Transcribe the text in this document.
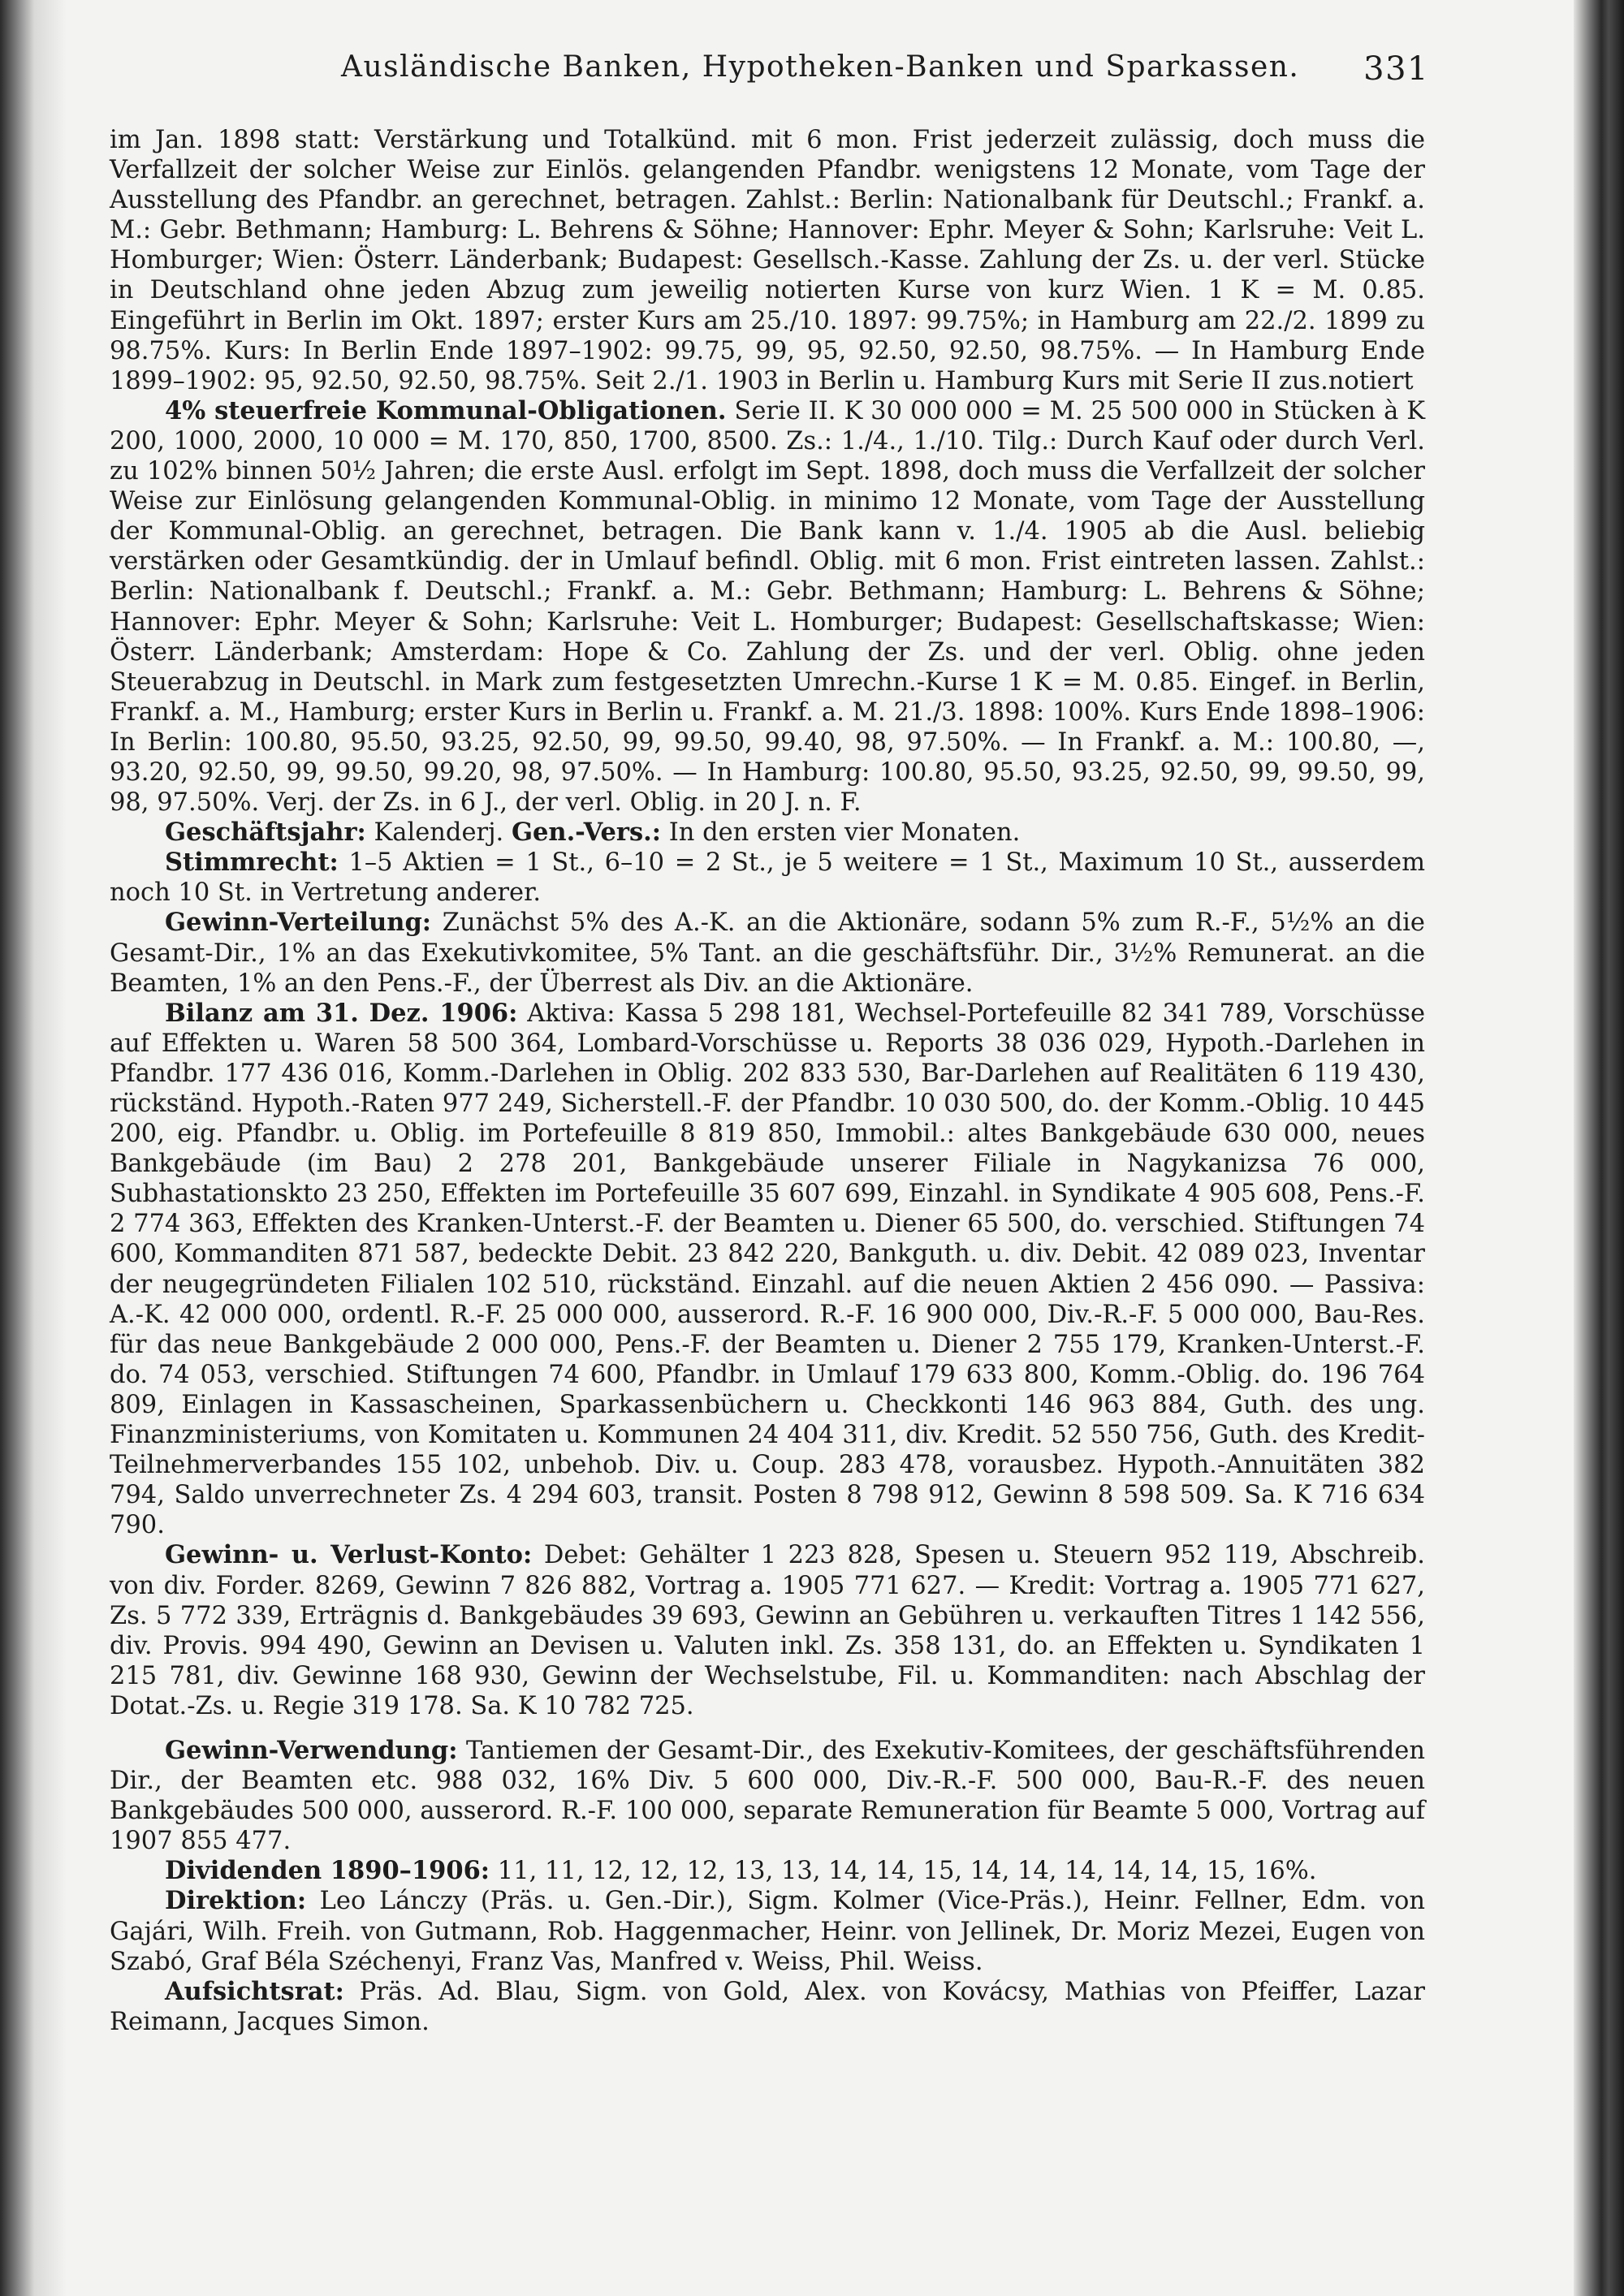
Ausländische Banken, Hypotheken-Banken und Sparkassen. 331

im Jan. 1898 statt: Verstärkung und Totalkünd. mit 6 mon. Frist jederzeit zulässig, doch muss die Verfallzeit der solcher Weise zur Einlös. gelangenden Pfandbr. wenigstens 12 Monate, vom Tage der Ausstellung des Pfandbr. an gerechnet, betragen. Zahlst.: Berlin: Nationalbank für Deutschl.; Frankf. a. M.: Gebr. Bethmann; Hamburg: L. Behrens & Söhne; Hannover: Ephr. Meyer & Sohn; Karlsruhe: Veit L. Homburger; Wien: Österr. Länderbank; Budapest: Gesellsch.-Kasse. Zahlung der Zs. u. der verl. Stücke in Deutschland ohne jeden Abzug zum jeweilig notierten Kurse von kurz Wien. 1 K = M. 0.85. Eingeführt in Berlin im Okt. 1897; erster Kurs am 25./10. 1897: 99.75%; in Hamburg am 22./2. 1899 zu 98.75%. Kurs: In Berlin Ende 1897–1902: 99.75, 99, 95, 92.50, 92.50, 98.75%. — In Hamburg Ende 1899–1902: 95, 92.50, 92.50, 98.75%. Seit 2./1. 1903 in Berlin u. Hamburg Kurs mit Serie II zus.notiert

4% steuerfreie Kommunal-Obligationen. Serie II. K 30 000 000 = M. 25 500 000 in Stücken à K 200, 1000, 2000, 10 000 = M. 170, 850, 1700, 8500. Zs.: 1./4., 1./10. Tilg.: Durch Kauf oder durch Verl. zu 102% binnen 50½ Jahren; die erste Ausl. erfolgt im Sept. 1898, doch muss die Verfallzeit der solcher Weise zur Einlösung gelangenden Kommunal-Oblig. in minimo 12 Monate, vom Tage der Ausstellung der Kommunal-Oblig. an gerechnet, betragen. Die Bank kann v. 1./4. 1905 ab die Ausl. beliebig verstärken oder Gesamtkündig. der in Umlauf befindl. Oblig. mit 6 mon. Frist eintreten lassen. Zahlst.: Berlin: Nationalbank f. Deutschl.; Frankf. a. M.: Gebr. Bethmann; Hamburg: L. Behrens & Söhne; Hannover: Ephr. Meyer & Sohn; Karlsruhe: Veit L. Homburger; Budapest: Gesellschaftskasse; Wien: Österr. Länderbank; Amsterdam: Hope & Co. Zahlung der Zs. und der verl. Oblig. ohne jeden Steuerabzug in Deutschl. in Mark zum festgesetzten Umrechn.-Kurse 1 K = M. 0.85. Eingef. in Berlin, Frankf. a. M., Hamburg; erster Kurs in Berlin u. Frankf. a. M. 21./3. 1898: 100%. Kurs Ende 1898–1906: In Berlin: 100.80, 95.50, 93.25, 92.50, 99, 99.50, 99.40, 98, 97.50%. — In Frankf. a. M.: 100.80, —, 93.20, 92.50, 99, 99.50, 99.20, 98, 97.50%. — In Hamburg: 100.80, 95.50, 93.25, 92.50, 99, 99.50, 99, 98, 97.50%. Verj. der Zs. in 6 J., der verl. Oblig. in 20 J. n. F.

Geschäftsjahr: Kalenderj. Gen.-Vers.: In den ersten vier Monaten.

Stimmrecht: 1–5 Aktien = 1 St., 6–10 = 2 St., je 5 weitere = 1 St., Maximum 10 St., ausserdem noch 10 St. in Vertretung anderer.

Gewinn-Verteilung: Zunächst 5% des A.-K. an die Aktionäre, sodann 5% zum R.-F., 5½% an die Gesamt-Dir., 1% an das Exekutivkomitee, 5% Tant. an die geschäftsführ. Dir., 3½% Remunerat. an die Beamten, 1% an den Pens.-F., der Überrest als Div. an die Aktionäre.

Bilanz am 31. Dez. 1906: Aktiva: Kassa 5 298 181, Wechsel-Portefeuille 82 341 789, Vorschüsse auf Effekten u. Waren 58 500 364, Lombard-Vorschüsse u. Reports 38 036 029, Hypoth.-Darlehen in Pfandbr. 177 436 016, Komm.-Darlehen in Oblig. 202 833 530, Bar-Darlehen auf Realitäten 6 119 430, rückständ. Hypoth.-Raten 977 249, Sicherstell.-F. der Pfandbr. 10 030 500, do. der Komm.-Oblig. 10 445 200, eig. Pfandbr. u. Oblig. im Portefeuille 8 819 850, Immobil.: altes Bankgebäude 630 000, neues Bankgebäude (im Bau) 2 278 201, Bankgebäude unserer Filiale in Nagykanizsa 76 000, Subhastationskto 23 250, Effekten im Portefeuille 35 607 699, Einzahl. in Syndikate 4 905 608, Pens.-F. 2 774 363, Effekten des Kranken-Unterst.-F. der Beamten u. Diener 65 500, do. verschied. Stiftungen 74 600, Kommanditen 871 587, bedeckte Debit. 23 842 220, Bankguth. u. div. Debit. 42 089 023, Inventar der neugegründeten Filialen 102 510, rückständ. Einzahl. auf die neuen Aktien 2 456 090. — Passiva: A.-K. 42 000 000, ordentl. R.-F. 25 000 000, ausserord. R.-F. 16 900 000, Div.-R.-F. 5 000 000, Bau-Res. für das neue Bankgebäude 2 000 000, Pens.-F. der Beamten u. Diener 2 755 179, Kranken-Unterst.-F. do. 74 053, verschied. Stiftungen 74 600, Pfandbr. in Umlauf 179 633 800, Komm.-Oblig. do. 196 764 809, Einlagen in Kassascheinen, Sparkassenbüchern u. Checkkonti 146 963 884, Guth. des ung. Finanzministeriums, von Komitaten u. Kommunen 24 404 311, div. Kredit. 52 550 756, Guth. des Kredit-Teilnehmerverbandes 155 102, unbehob. Div. u. Coup. 283 478, vorausbez. Hypoth.-Annuitäten 382 794, Saldo unverrechneter Zs. 4 294 603, transit. Posten 8 798 912, Gewinn 8 598 509. Sa. K 716 634 790.

Gewinn- u. Verlust-Konto: Debet: Gehälter 1 223 828, Spesen u. Steuern 952 119, Abschreib. von div. Forder. 8269, Gewinn 7 826 882, Vortrag a. 1905 771 627. — Kredit: Vortrag a. 1905 771 627, Zs. 5 772 339, Erträgnis d. Bankgebäudes 39 693, Gewinn an Gebühren u. verkauften Titres 1 142 556, div. Provis. 994 490, Gewinn an Devisen u. Valuten inkl. Zs. 358 131, do. an Effekten u. Syndikaten 1 215 781, div. Gewinne 168 930, Gewinn der Wechselstube, Fil. u. Kommanditen: nach Abschlag der Dotat.-Zs. u. Regie 319 178. Sa. K 10 782 725.

Gewinn-Verwendung: Tantiemen der Gesamt-Dir., des Exekutiv-Komitees, der geschäftsführenden Dir., der Beamten etc. 988 032, 16% Div. 5 600 000, Div.-R.-F. 500 000, Bau-R.-F. des neuen Bankgebäudes 500 000, ausserord. R.-F. 100 000, separate Remuneration für Beamte 5 000, Vortrag auf 1907 855 477.

Dividenden 1890–1906: 11, 11, 12, 12, 12, 13, 13, 14, 14, 15, 14, 14, 14, 14, 14, 15, 16%.

Direktion: Leo Lánczy (Präs. u. Gen.-Dir.), Sigm. Kolmer (Vice-Präs.), Heinr. Fellner, Edm. von Gajári, Wilh. Freih. von Gutmann, Rob. Haggenmacher, Heinr. von Jellinek, Dr. Moriz Mezei, Eugen von Szabó, Graf Béla Széchenyi, Franz Vas, Manfred v. Weiss, Phil. Weiss.

Aufsichtsrat: Präs. Ad. Blau, Sigm. von Gold, Alex. von Kovácsy, Mathias von Pfeiffer, Lazar Reimann, Jacques Simon.
